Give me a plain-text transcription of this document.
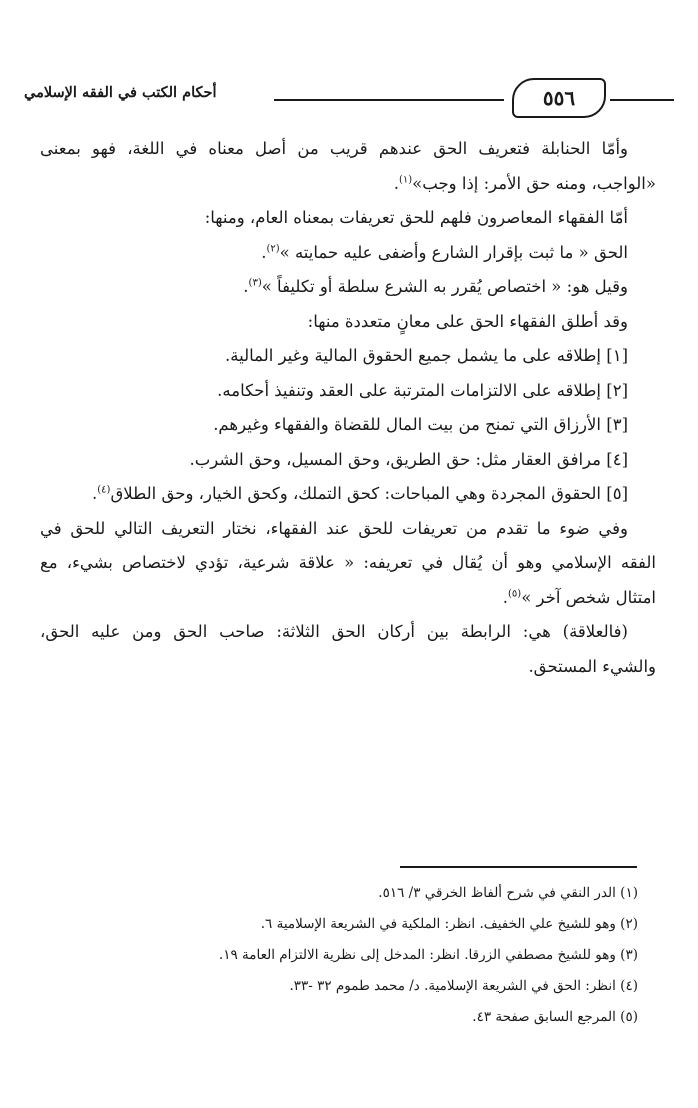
أحكام الكتب في الفقه الإسلامي	٥٥٦
وأمّا الحنابلة فتعريف الحق عندهم قريب من أصل معناه في اللغة، فهو بمعنى
«الواجب، ومنه حق الأمر: إذا وجب»$^{(١)}$.
أمّا الفقهاء المعاصرون فلهم للحق تعريفات بمعناه العام، ومنها:
الحق « ما ثبت بإقرار الشارع وأضفى عليه حمايته »$^{(٢)}$.
وقيل هو: « اختصاص يُقرر به الشرع سلطة أو تكليفاً »$^{(٣)}$.
وقد أطلق الفقهاء الحق على معانٍ متعددة منها:
[١] إطلاقه على ما يشمل جميع الحقوق المالية وغير المالية.
[٢] إطلاقه على الالتزامات المترتبة على العقد وتنفيذ أحكامه.
[٣] الأرزاق التي تمنح من بيت المال للقضاة والفقهاء وغيرهم.
[٤] مرافق العقار مثل: حق الطريق، وحق المسيل، وحق الشرب.
[٥] الحقوق المجردة وهي المباحات: كحق التملك، وكحق الخيار، وحق الطلاق$^{(٤)}$.
وفي ضوء ما تقدم من تعريفات للحق عند الفقهاء، نختار التعريف التالي للحق في
الفقه الإسلامي وهو أن يُقال في تعريفه: « علاقة شرعية، تؤدي لاختصاص بشيء، مع
امتثال شخص آخر »$^{(٥)}$.
(فالعلاقة) هي: الرابطة بين أركان الحق الثلاثة: صاحب الحق ومن عليه الحق،
والشيء المستحق.
(١) الدر النقي في شرح ألفاظ الخرقي ٣/ ٥١٦.
(٢) وهو للشيخ علي الخفيف. انظر: الملكية في الشريعة الإسلامية ٦.
(٣) وهو للشيخ مصطفي الزرقا. انظر: المدخل إلى نظرية الالتزام العامة ١٩.
(٤) انظر: الحق في الشريعة الإسلامية. د/ محمد طموم ٣٢ -٣٣.
(٥) المرجع السابق صفحة ٤٣.
